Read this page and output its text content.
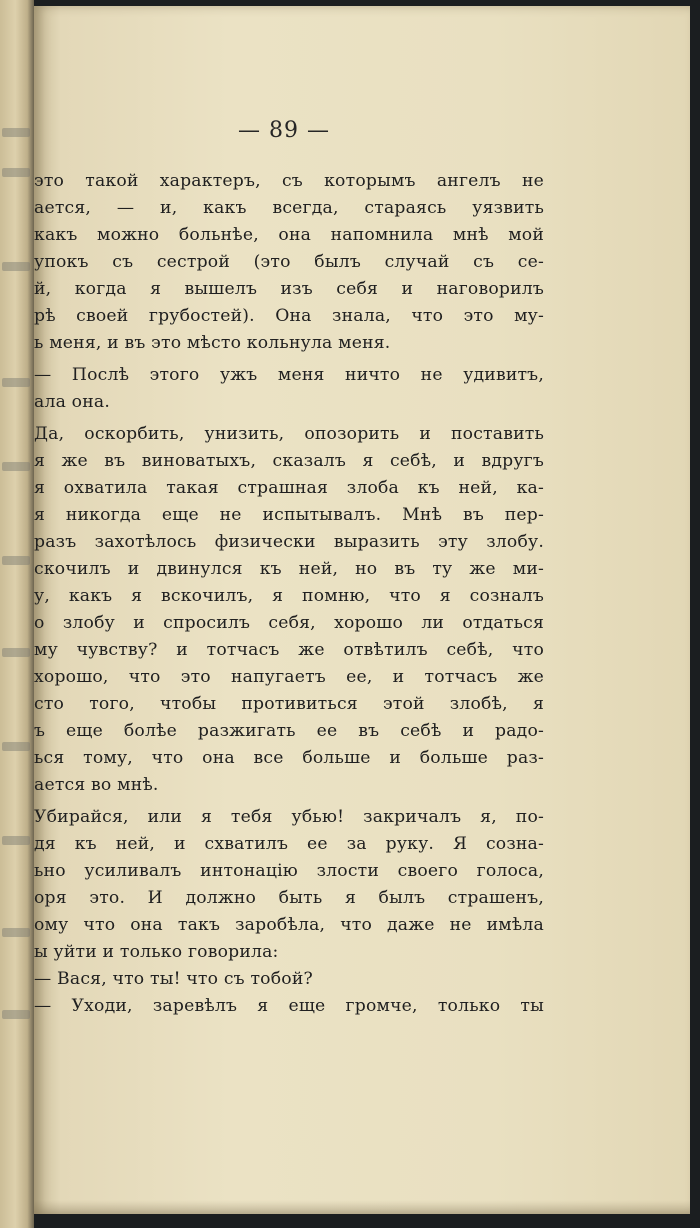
— 89 —
это такой характеръ, съ которымъ ангелъ не
ается, — и, какъ всегда, стараясь уязвить
какъ можно больнѣе, она напомнила мнѣ мой
упокъ съ сестрой (это былъ случай съ се-
й, когда я вышелъ изъ себя и наговорилъ
рѣ своей грубостей). Она знала, что это му-
ь меня, и въ это мѣсто кольнула меня.
— Послѣ этого ужъ меня ничто не удивитъ,
ала она.
Да, оскорбить, унизить, опозорить и поставить
я же въ виноватыхъ, сказалъ я себѣ, и вдругъ
я охватила такая страшная злоба къ ней, ка-
я никогда еще не испытывалъ. Мнѣ въ пер-
разъ захотѣлось физически выразить эту злобу.
скочилъ и двинулся къ ней, но въ ту же ми-
у, какъ я вскочилъ, я помню, что я созналъ
о злобу и спросилъ себя, хорошо ли отдаться
му чувству? и тотчасъ же отвѣтилъ себѣ, что
хорошо, что это напугаетъ ее, и тотчасъ же
сто того, чтобы противиться этой злобѣ, я
ъ еще болѣе разжигать ее въ себѣ и радо-
ься тому, что она все больше и больше раз-
ается во мнѣ.
Убирайся, или я тебя убью! закричалъ я, по-
дя къ ней, и схватилъ ее за руку. Я созна-
ьно усиливалъ интонацію злости своего голоса,
оря это. И должно быть я былъ страшенъ,
ому что она такъ заробѣла, что даже не имѣла
ы уйти и только говорила:
— Вася, что ты! что съ тобой?
— Уходи, заревѣлъ я еще громче, только ты
